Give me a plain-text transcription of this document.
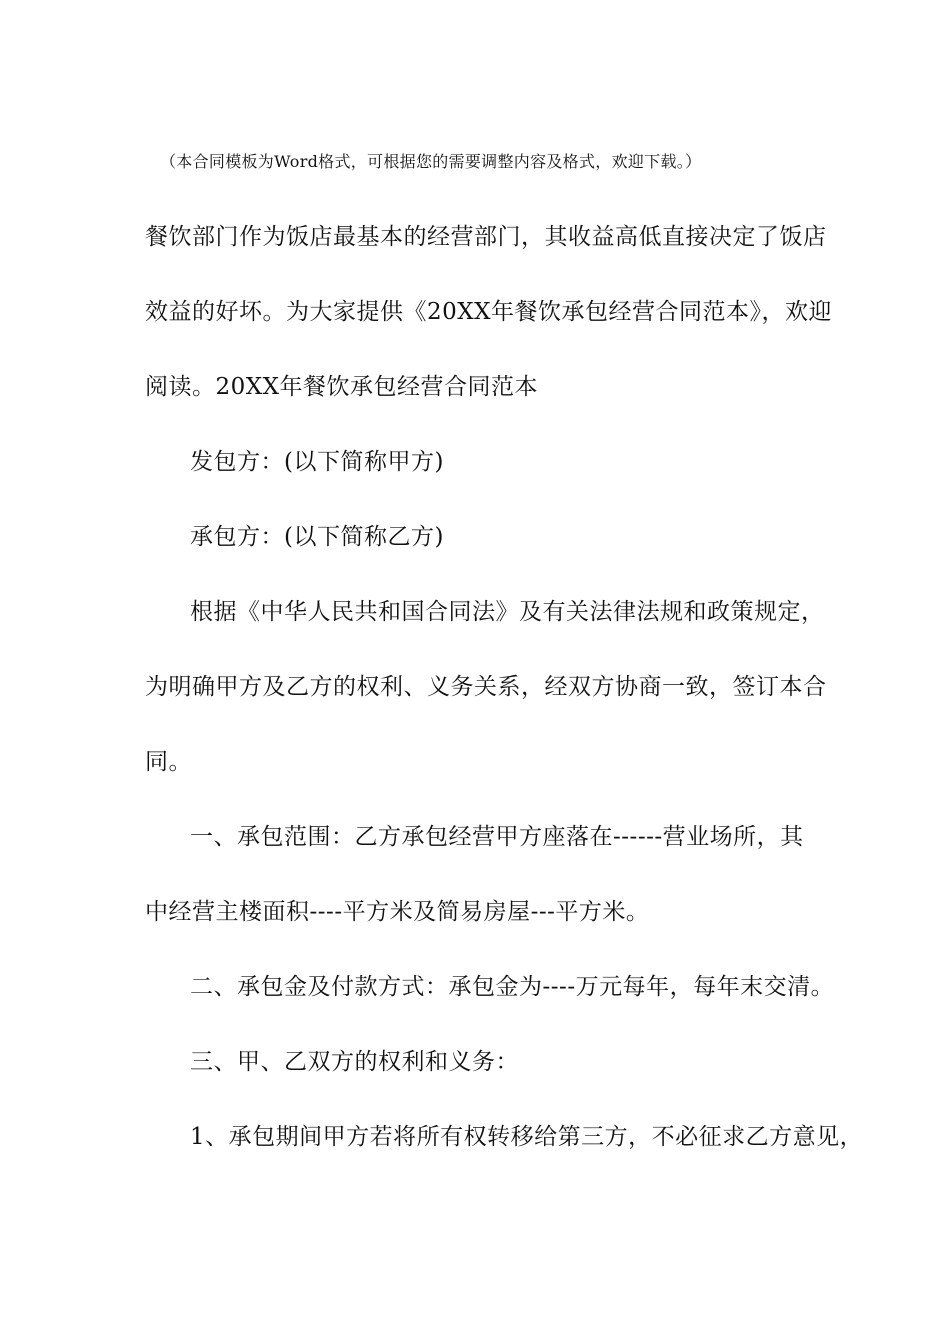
（本合同模板为Word格式，可根据您的需要调整内容及格式，欢迎下载。）
餐饮部门作为饭店最基本的经营部门，其收益高低直接决定了饭店
效益的好坏。为大家提供《20XX年餐饮承包经营合同范本》，欢迎
阅读。20XX年餐饮承包经营合同范本
发包方：(以下简称甲方)
承包方：(以下简称乙方)
根据《中华人民共和国合同法》及有关法律法规和政策规定，
为明确甲方及乙方的权利、义务关系，经双方协商一致，签订本合
同。
一、承包范围：乙方承包经营甲方座落在------营业场所，其
中经营主楼面积----平方米及简易房屋---平方米。
二、承包金及付款方式：承包金为----万元每年，每年末交清。
三、甲、乙双方的权利和义务：
1、承包期间甲方若将所有权转移给第三方，不必征求乙方意见，
